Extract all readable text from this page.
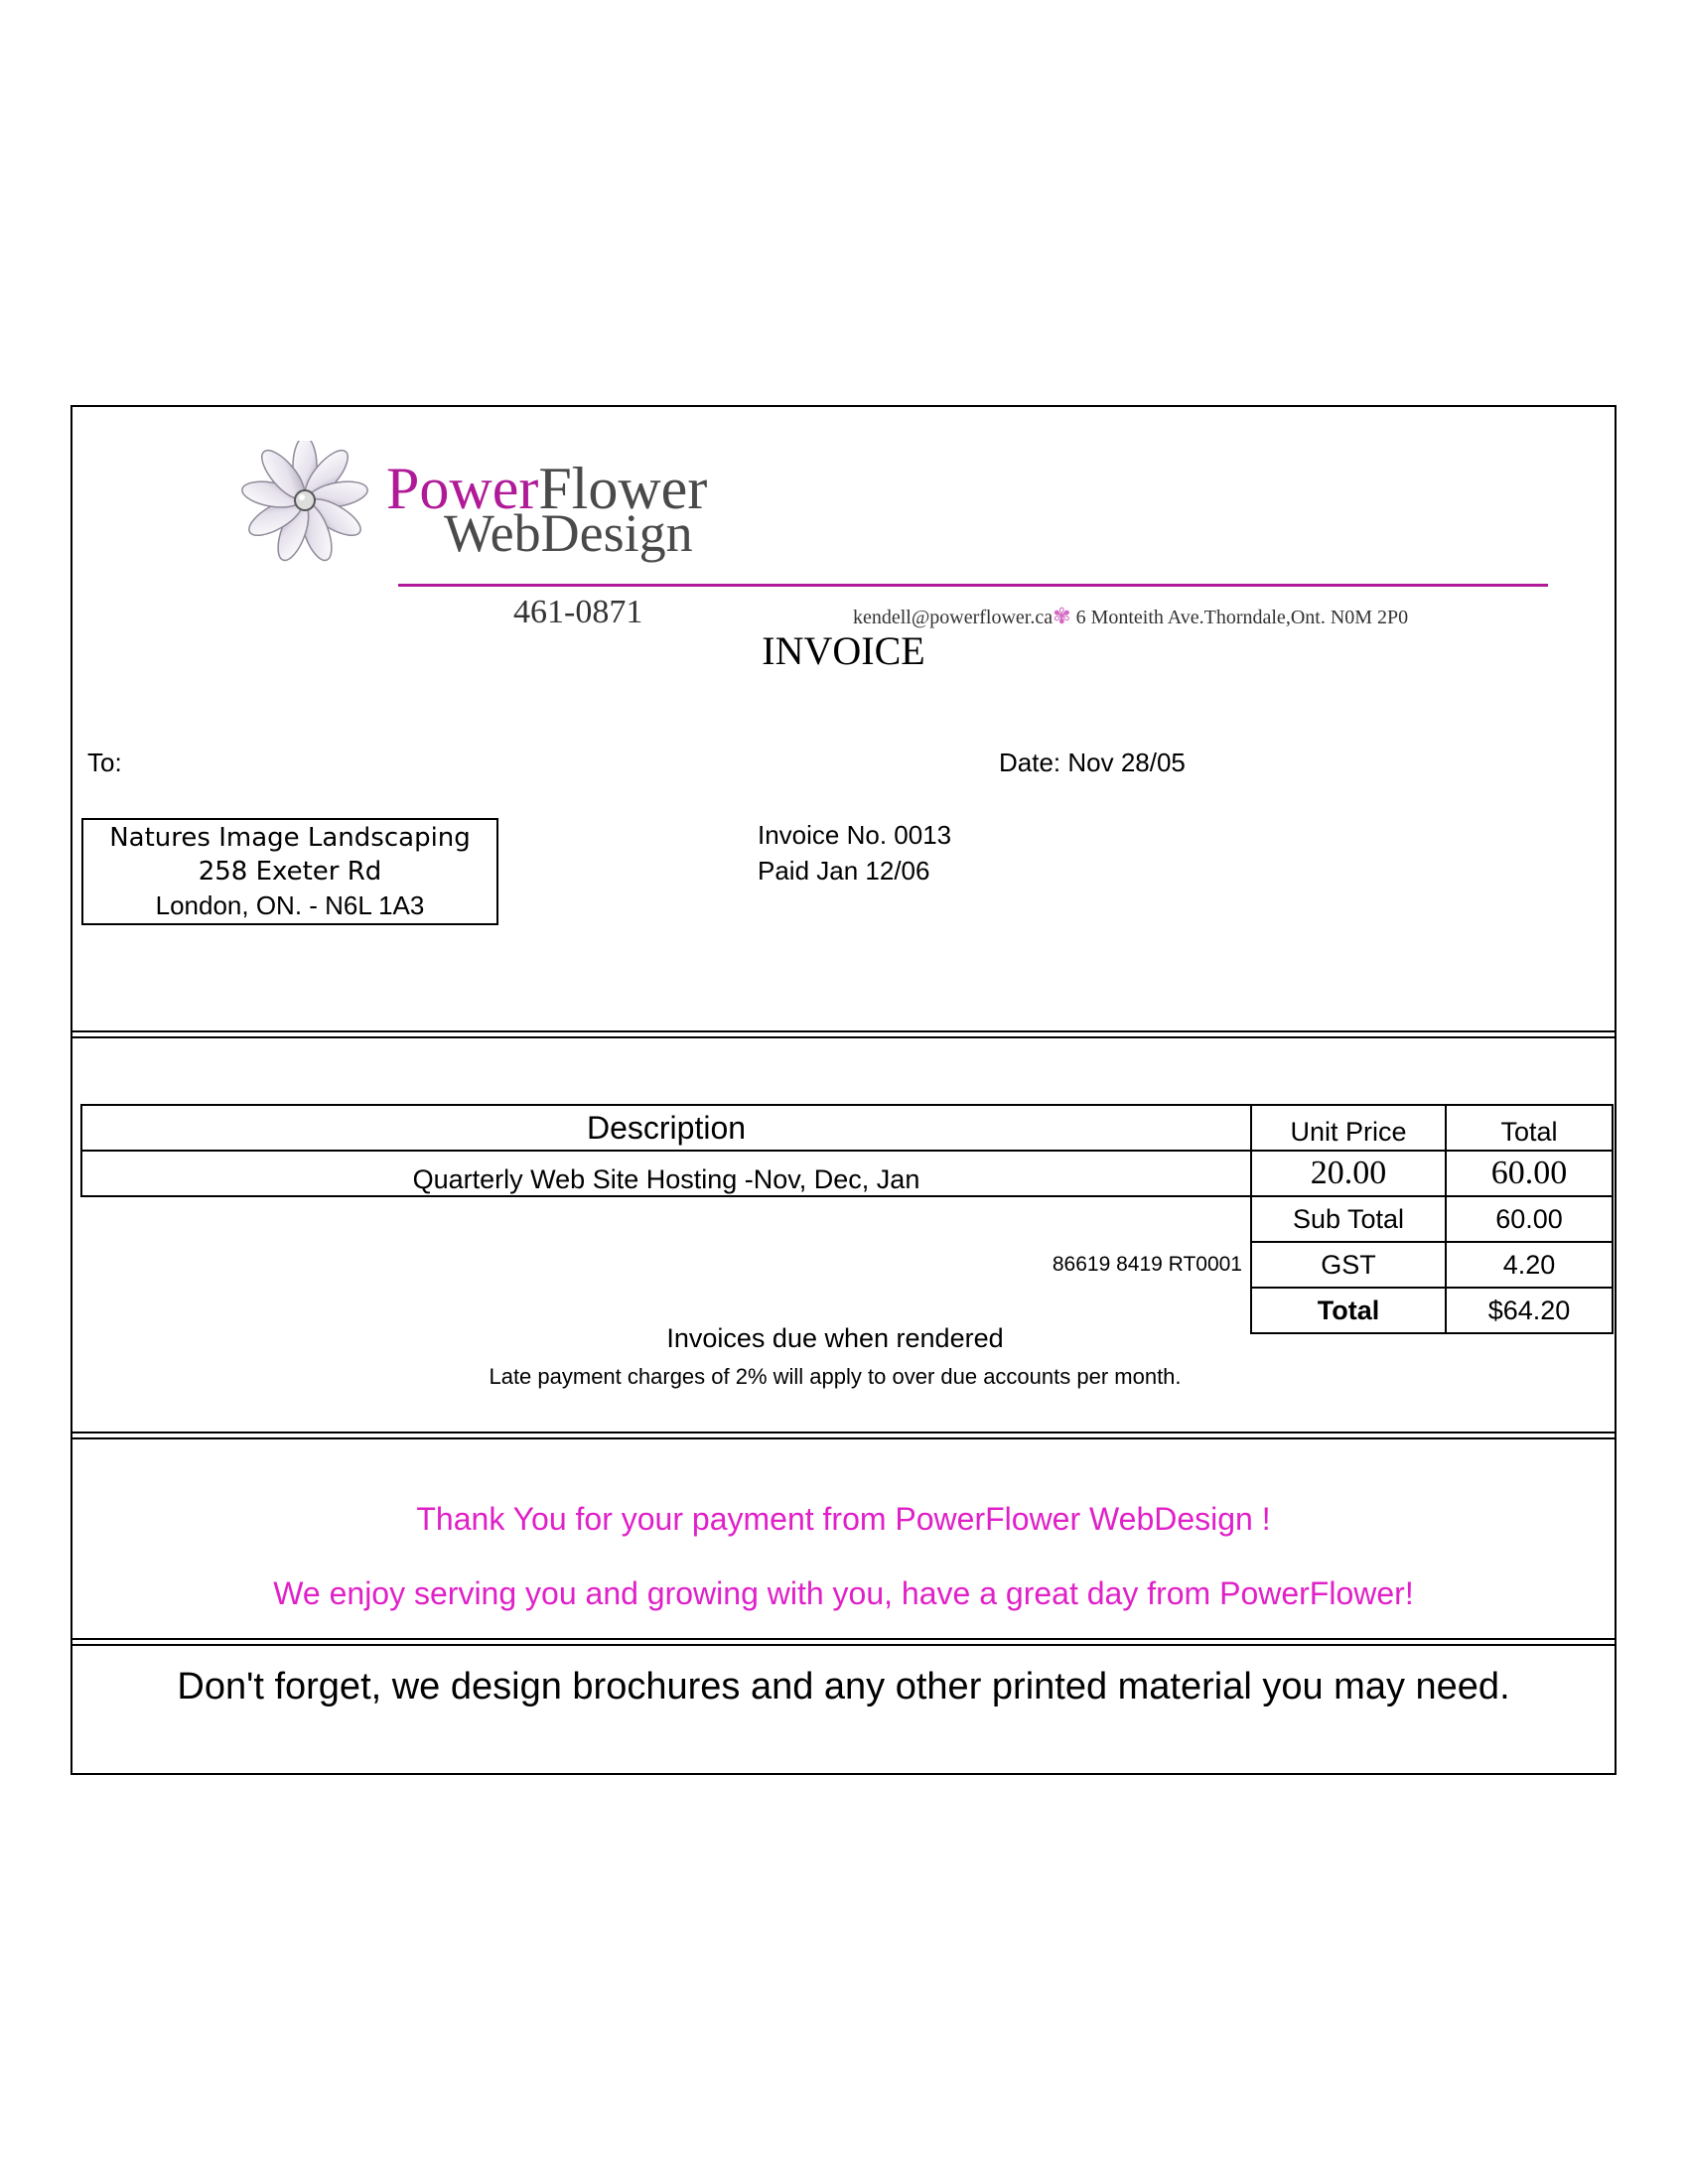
PowerFlower
WebDesign
461-0871	kendell@powerflower.ca✾ 6 Monteith Ave.Thorndale,Ont. N0M 2P0
INVOICE
To:	Date: Nov 28/05
Natures Image Landscaping
258 Exeter Rd
London, ON. - N6L 1A3
Invoice No. 0013
Paid Jan 12/06
Description	Unit Price	Total
Quarterly Web Site Hosting -Nov, Dec, Jan	20.00	60.00
	Sub Total	60.00
86619 8419 RT0001	GST	4.20
	Total	$64.20
Invoices due when rendered
Late payment charges of 2% will apply to over due accounts per month.
Thank You for your payment from PowerFlower WebDesign !
We enjoy serving you and growing with you, have a great day from PowerFlower!
Don't forget, we design brochures and any other printed material you may need.
